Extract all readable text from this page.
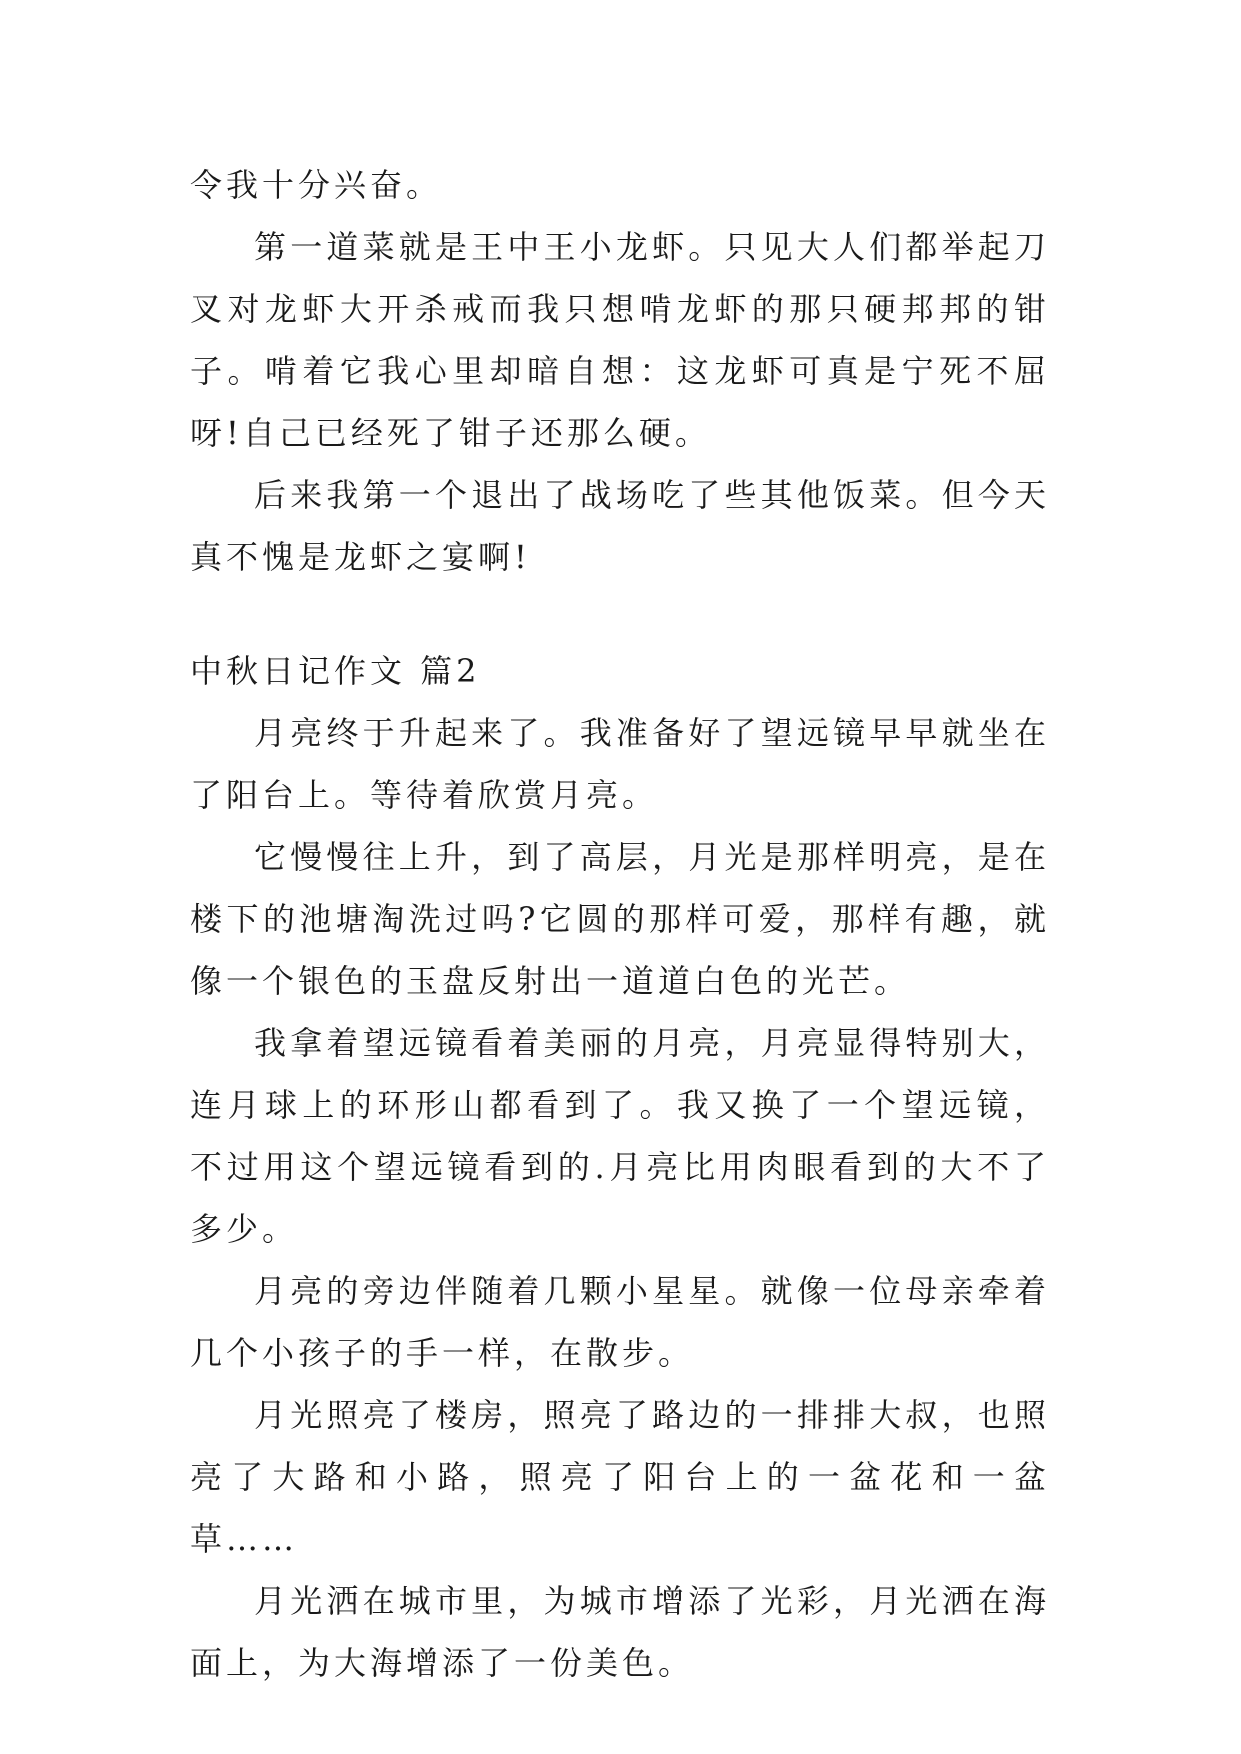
令我十分兴奋。

第一道菜就是王中王小龙虾。只见大人们都举起刀叉对龙虾大开杀戒而我只想啃龙虾的那只硬邦邦的钳子。啃着它我心里却暗自想：这龙虾可真是宁死不屈呀!自己已经死了钳子还那么硬。

后来我第一个退出了战场吃了些其他饭菜。但今天真不愧是龙虾之宴啊!

中秋日记作文 篇2

月亮终于升起来了。我准备好了望远镜早早就坐在了阳台上。等待着欣赏月亮。

它慢慢往上升，到了高层，月光是那样明亮，是在楼下的池塘淘洗过吗?它圆的那样可爱，那样有趣，就像一个银色的玉盘反射出一道道白色的光芒。

我拿着望远镜看着美丽的月亮，月亮显得特别大，连月球上的环形山都看到了。我又换了一个望远镜，不过用这个望远镜看到的.月亮比用肉眼看到的大不了多少。

月亮的旁边伴随着几颗小星星。就像一位母亲牵着几个小孩子的手一样，在散步。

月光照亮了楼房，照亮了路边的一排排大叔，也照亮了大路和小路，照亮了阳台上的一盆花和一盆草……

月光洒在城市里，为城市增添了光彩，月光洒在海面上，为大海增添了一份美色。
